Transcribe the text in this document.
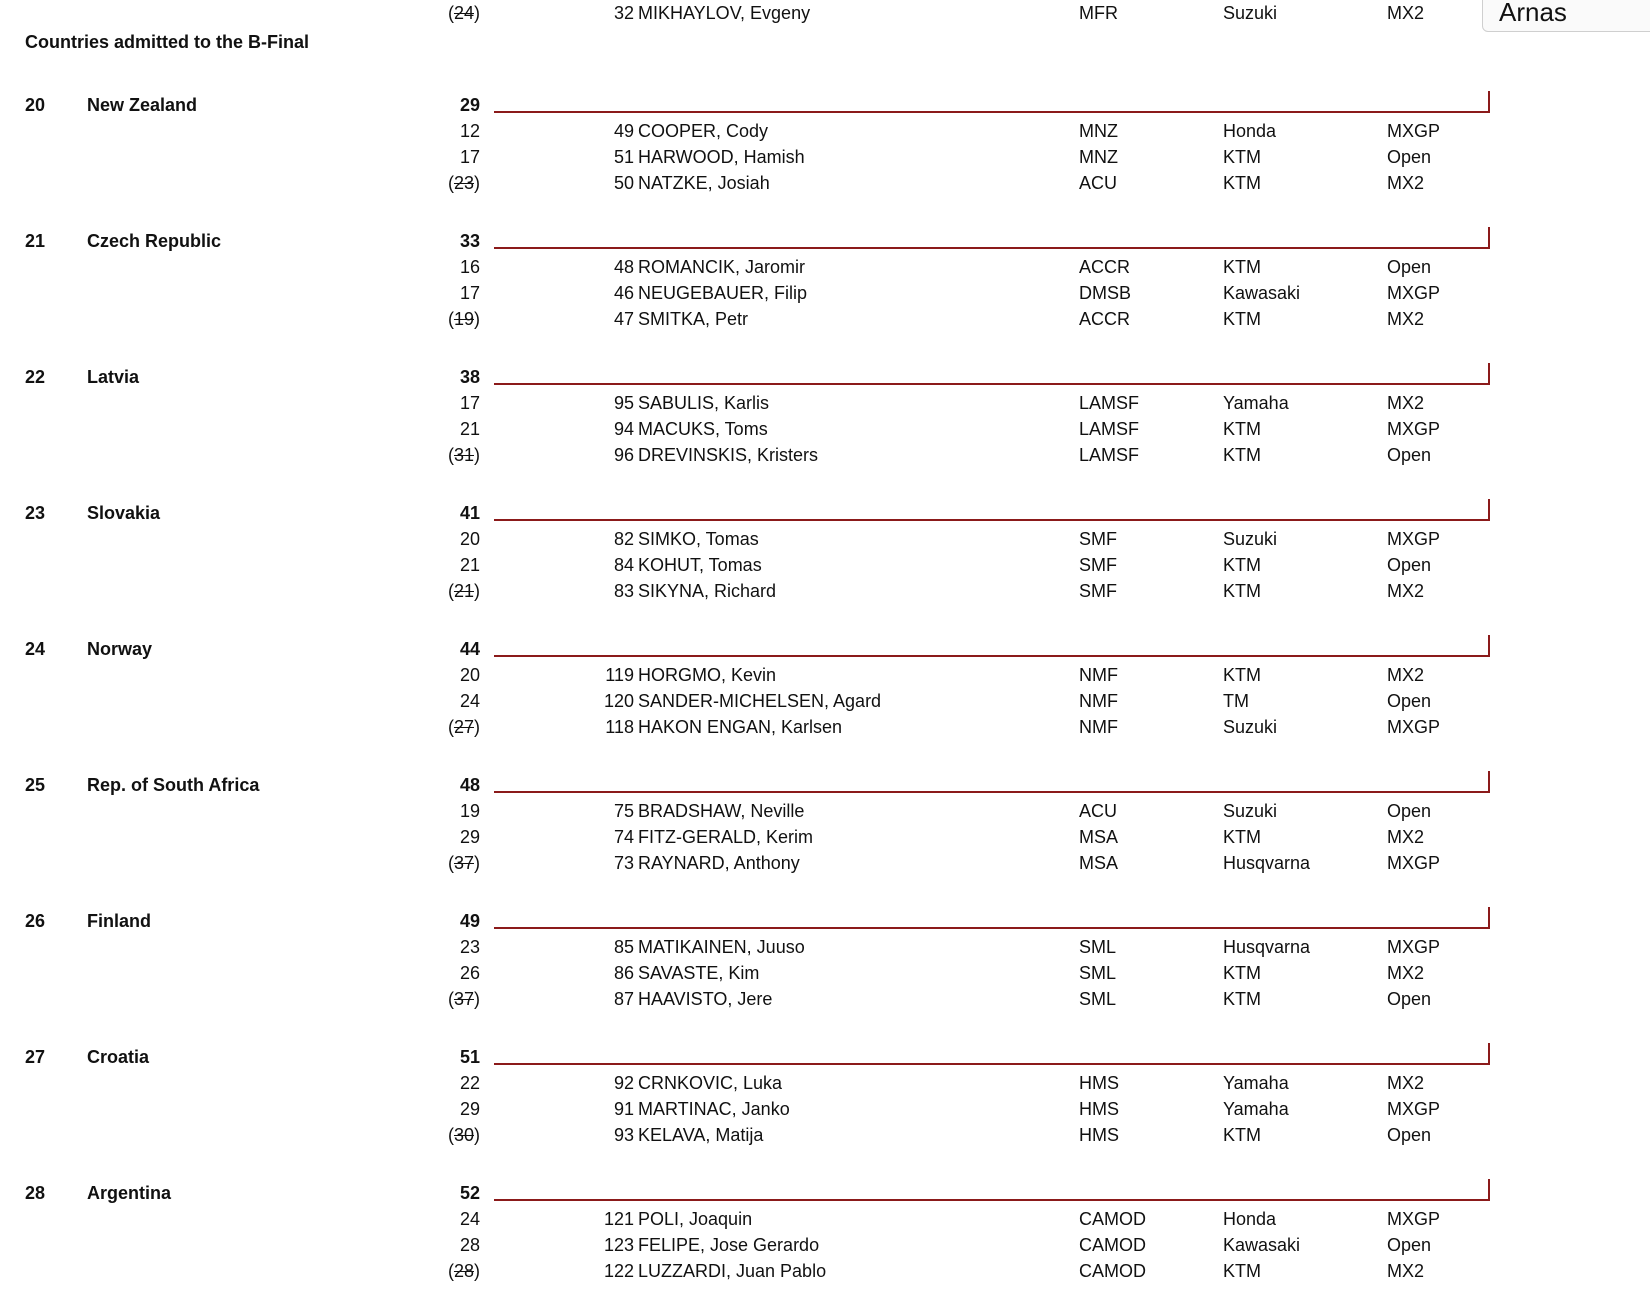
Arnas
(24)	32 MIKHAYLOV, Evgeny	MFR	Suzuki	MX2
Countries admitted to the B-Final
20 New Zealand	29
12	49 COOPER, Cody	MNZ	Honda	MXGP
17	51 HARWOOD, Hamish	MNZ	KTM	Open
(23)	50 NATZKE, Josiah	ACU	KTM	MX2
21 Czech Republic	33
16	48 ROMANCIK, Jaromir	ACCR	KTM	Open
17	46 NEUGEBAUER, Filip	DMSB	Kawasaki	MXGP
(19)	47 SMITKA, Petr	ACCR	KTM	MX2
22 Latvia	38
17	95 SABULIS, Karlis	LAMSF	Yamaha	MX2
21	94 MACUKS, Toms	LAMSF	KTM	MXGP
(31)	96 DREVINSKIS, Kristers	LAMSF	KTM	Open
23 Slovakia	41
20	82 SIMKO, Tomas	SMF	Suzuki	MXGP
21	84 KOHUT, Tomas	SMF	KTM	Open
(21)	83 SIKYNA, Richard	SMF	KTM	MX2
24 Norway	44
20	119 HORGMO, Kevin	NMF	KTM	MX2
24	120 SANDER-MICHELSEN, Agard	NMF	TM	Open
(27)	118 HAKON ENGAN, Karlsen	NMF	Suzuki	MXGP
25 Rep. of South Africa	48
19	75 BRADSHAW, Neville	ACU	Suzuki	Open
29	74 FITZ-GERALD, Kerim	MSA	KTM	MX2
(37)	73 RAYNARD, Anthony	MSA	Husqvarna	MXGP
26 Finland	49
23	85 MATIKAINEN, Juuso	SML	Husqvarna	MXGP
26	86 SAVASTE, Kim	SML	KTM	MX2
(37)	87 HAAVISTO, Jere	SML	KTM	Open
27 Croatia	51
22	92 CRNKOVIC, Luka	HMS	Yamaha	MX2
29	91 MARTINAC, Janko	HMS	Yamaha	MXGP
(30)	93 KELAVA, Matija	HMS	KTM	Open
28 Argentina	52
24	121 POLI, Joaquin	CAMOD	Honda	MXGP
28	123 FELIPE, Jose Gerardo	CAMOD	Kawasaki	Open
(28)	122 LUZZARDI, Juan Pablo	CAMOD	KTM	MX2
